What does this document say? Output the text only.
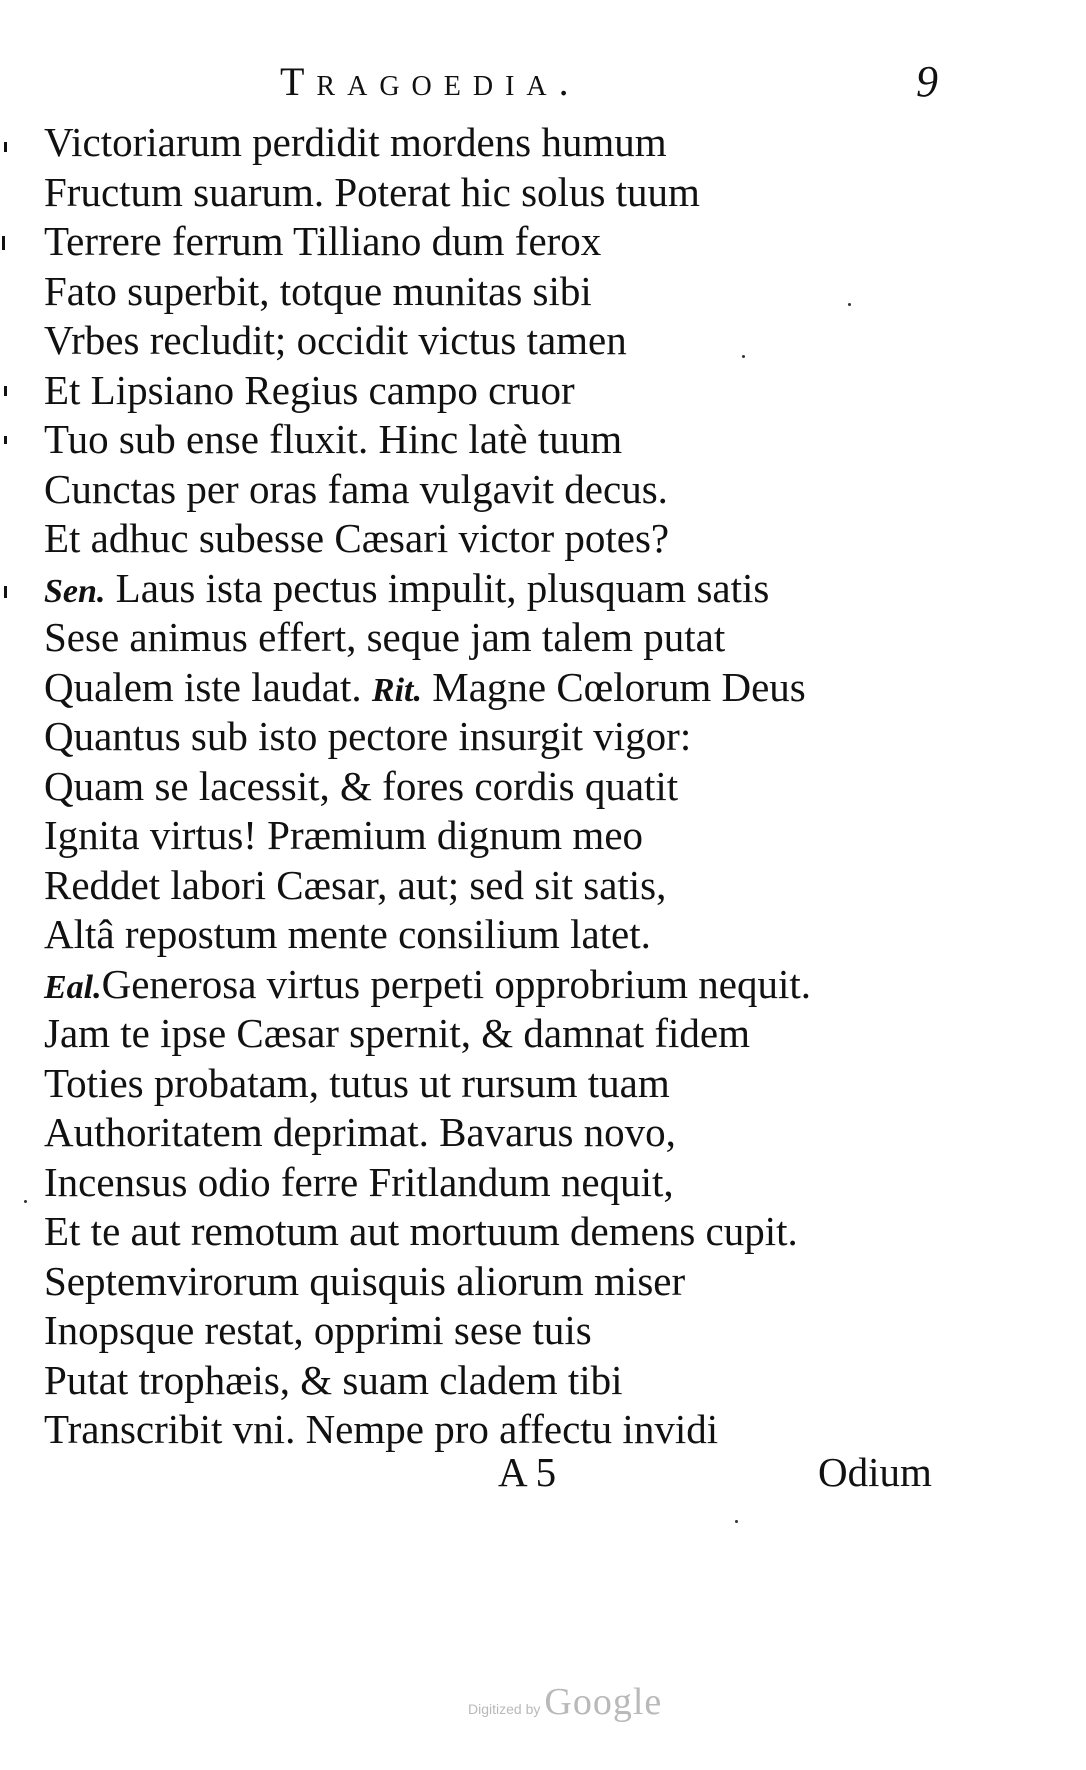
Tragoedia.	9
Victoriarum perdidit mordens humum
Fructum suarum. Poterat hic solus tuum
Terrere ferrum Tilliano dum ferox
Fato superbit, totque munitas sibi
Vrbes recludit; occidit victus tamen
Et Lipsiano Regius campo cruor
Tuo sub ense fluxit. Hinc latè tuum
Cunctas per oras fama vulgavit decus.
Et adhuc subesse Cæsari victor potes?
Sen. Laus ista pectus impulit, plusquam satis
Sese animus effert, seque jam talem putat
Qualem iste laudat. Rit. Magne Cœlorum Deus
Quantus sub isto pectore insurgit vigor:
Quam se lacessit, & fores cordis quatit
Ignita virtus! Præmium dignum meo
Reddet labori Cæsar, aut; sed sit satis,
Altâ repostum mente consilium latet.
Eal.Generosa virtus perpeti opprobrium nequit.
Jam te ipse Cæsar spernit, & damnat fidem
Toties probatam, tutus ut rursum tuam
Authoritatem deprimat. Bavarus novo,
Incensus odio ferre Fritlandum nequit,
Et te aut remotum aut mortuum demens cupit.
Septemvirorum quisquis aliorum miser
Inopsque restat, opprimi sese tuis
Putat trophæis, & suam cladem tibi
Transcribit vni. Nempe pro affectu invidi
A 5	Odium
Digitized by Google
